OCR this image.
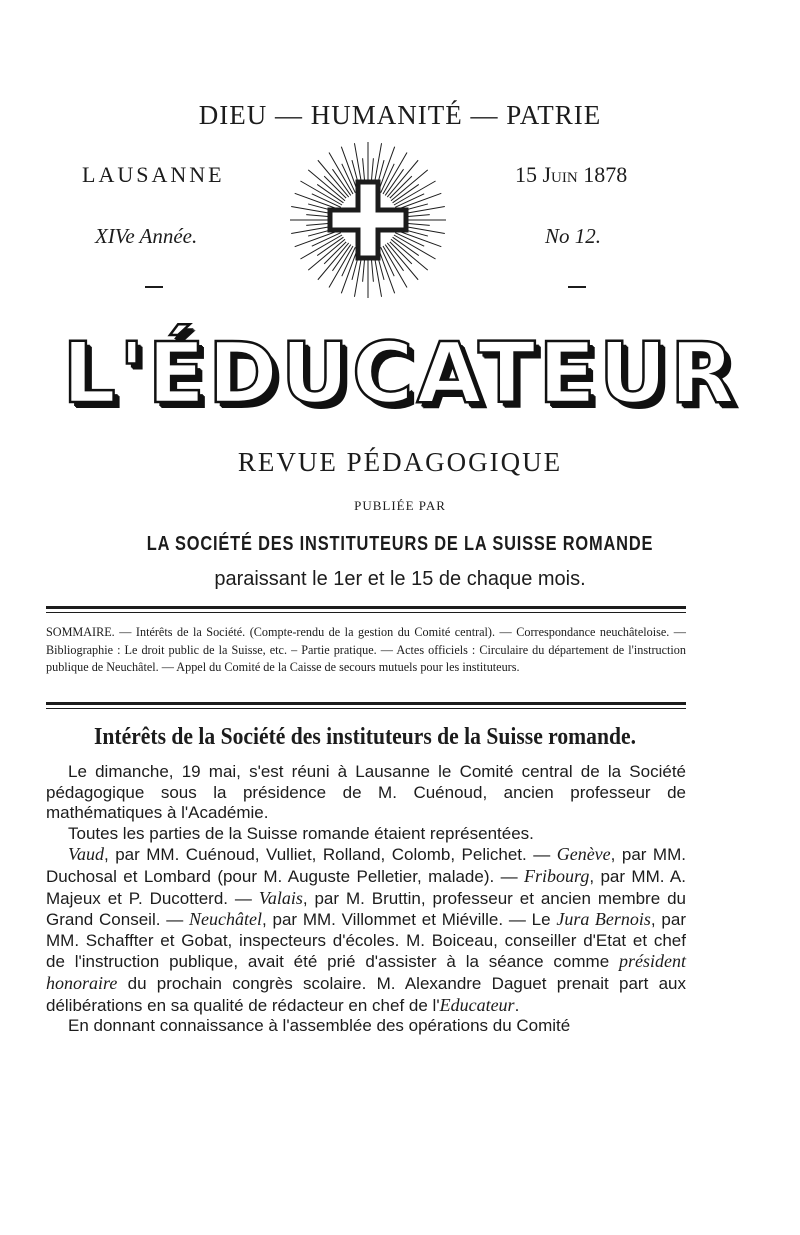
DIEU — HUMANITÉ — PATRIE
LAUSANNE	15 Juin 1878
XIVe Année.	No 12.
L'ÉDUCATEUR
REVUE PÉDAGOGIQUE
PUBLIÉE PAR
LA SOCIÉTÉ DES INSTITUTEURS DE LA SUISSE ROMANDE
paraissant le 1er et le 15 de chaque mois.
SOMMAIRE. — Intérêts de la Société. (Compte-rendu de la gestion du Comité central). — Correspondance neuchâteloise. — Bibliographie : Le droit public de la Suisse, etc. – Partie pratique. — Actes officiels : Circulaire du département de l'instruction publique de Neuchâtel. — Appel du Comité de la Caisse de secours mutuels pour les instituteurs.
Intérêts de la Société des instituteurs de la Suisse romande.

Le dimanche, 19 mai, s'est réuni à Lausanne le Comité central de la Société pédagogique sous la présidence de M. Cuénoud, ancien professeur de mathématiques à l'Académie.

Toutes les parties de la Suisse romande étaient représentées.

Vaud, par MM. Cuénoud, Vulliet, Rolland, Colomb, Pelichet. — Genève, par MM. Duchosal et Lombard (pour M. Auguste Pelletier, malade). — Fribourg, par MM. A. Majeux et P. Ducotterd. — Valais, par M. Bruttin, professeur et ancien membre du Grand Conseil. — Neuchâtel, par MM. Villommet et Miéville. — Le Jura Bernois, par MM. Schaffter et Gobat, inspecteurs d'écoles. M. Boiceau, conseiller d'Etat et chef de l'instruction publique, avait été prié d'assister à la séance comme président honoraire du prochain congrès scolaire. M. Alexandre Daguet prenait part aux délibérations en sa qualité de rédacteur en chef de l'Educateur.

En donnant connaissance à l'assemblée des opérations du Comité
